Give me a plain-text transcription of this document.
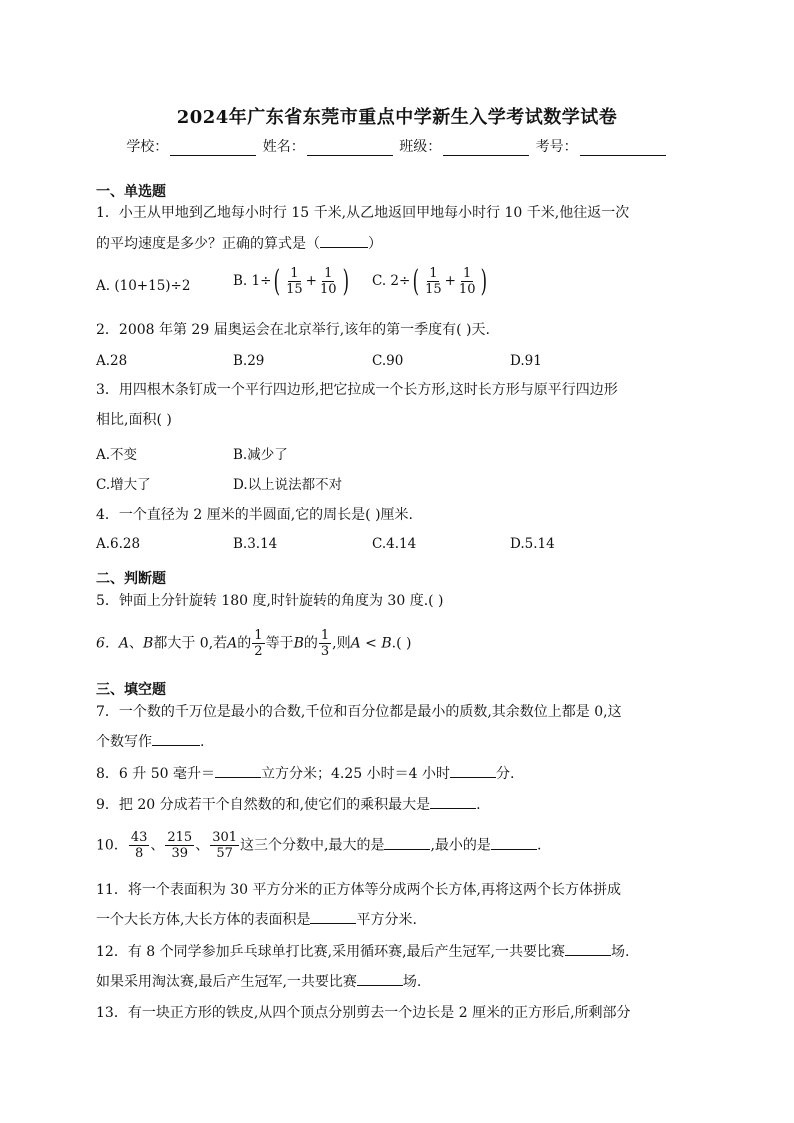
2024年广东省东莞市重点中学新生入学考试数学试卷
学校：	姓名：	班级：	考号：
一、单选题
1．小王从甲地到乙地每小时行 15 千米,从乙地返回甲地每小时行 10 千米,他往返一次
的平均速度是多少？正确的算式是（	）
A. (10+15)÷2	B. $1\div( \frac{1}{15} + \frac{1}{10}$ ) C. $2\div( \frac{1}{15} + \frac{1}{10}$ )
2．2008 年第 29 届奥运会在北京举行,该年的第一季度有( )天.
A.28	B.29	C.90	D.91
3．用四根木条钉成一个平行四边形,把它拉成一个长方形,这时长方形与原平行四边形
相比,面积( )
A.不变	B.减少了
C.增大了	D.以上说法都不对
4．一个直径为 2 厘米的半圆面,它的周长是( )厘米.
A.6.28	B.3.14	C.4.14	D.5.14
二、判断题
5．钟面上分针旋转 180 度,时针旋转的角度为 30 度.( )
6．A、B都大于 0,若A的 $\frac{1}{2}$ 等于B的 $\frac{1}{3}$ ,则A < B.( )
三、填空题
7．一个数的千万位是最小的合数,千位和百分位都是最小的质数,其余数位上都是 0,这
个数写作	.
8．6 升 50 毫升＝	立方分米；4.25 小时＝4 小时	分.
9．把 20 分成若干个自然数的和,使它们的乘积最大是	.
10． $\frac{43}{8}$ 、 $\frac{215}{39}$ 、 $\frac{301}{57}$ 这三个分数中,最大的是	,最小的是	.
11．将一个表面积为 30 平方分米的正方体等分成两个长方体,再将这两个长方体拼成
一个大长方体,大长方体的表面积是	平方分米.
12．有 8 个同学参加乒乓球单打比赛,采用循环赛,最后产生冠军,一共要比赛	场.
如果采用淘汰赛,最后产生冠军,一共要比赛	场.
13．有一块正方形的铁皮,从四个顶点分别剪去一个边长是 2 厘米的正方形后,所剩部分
